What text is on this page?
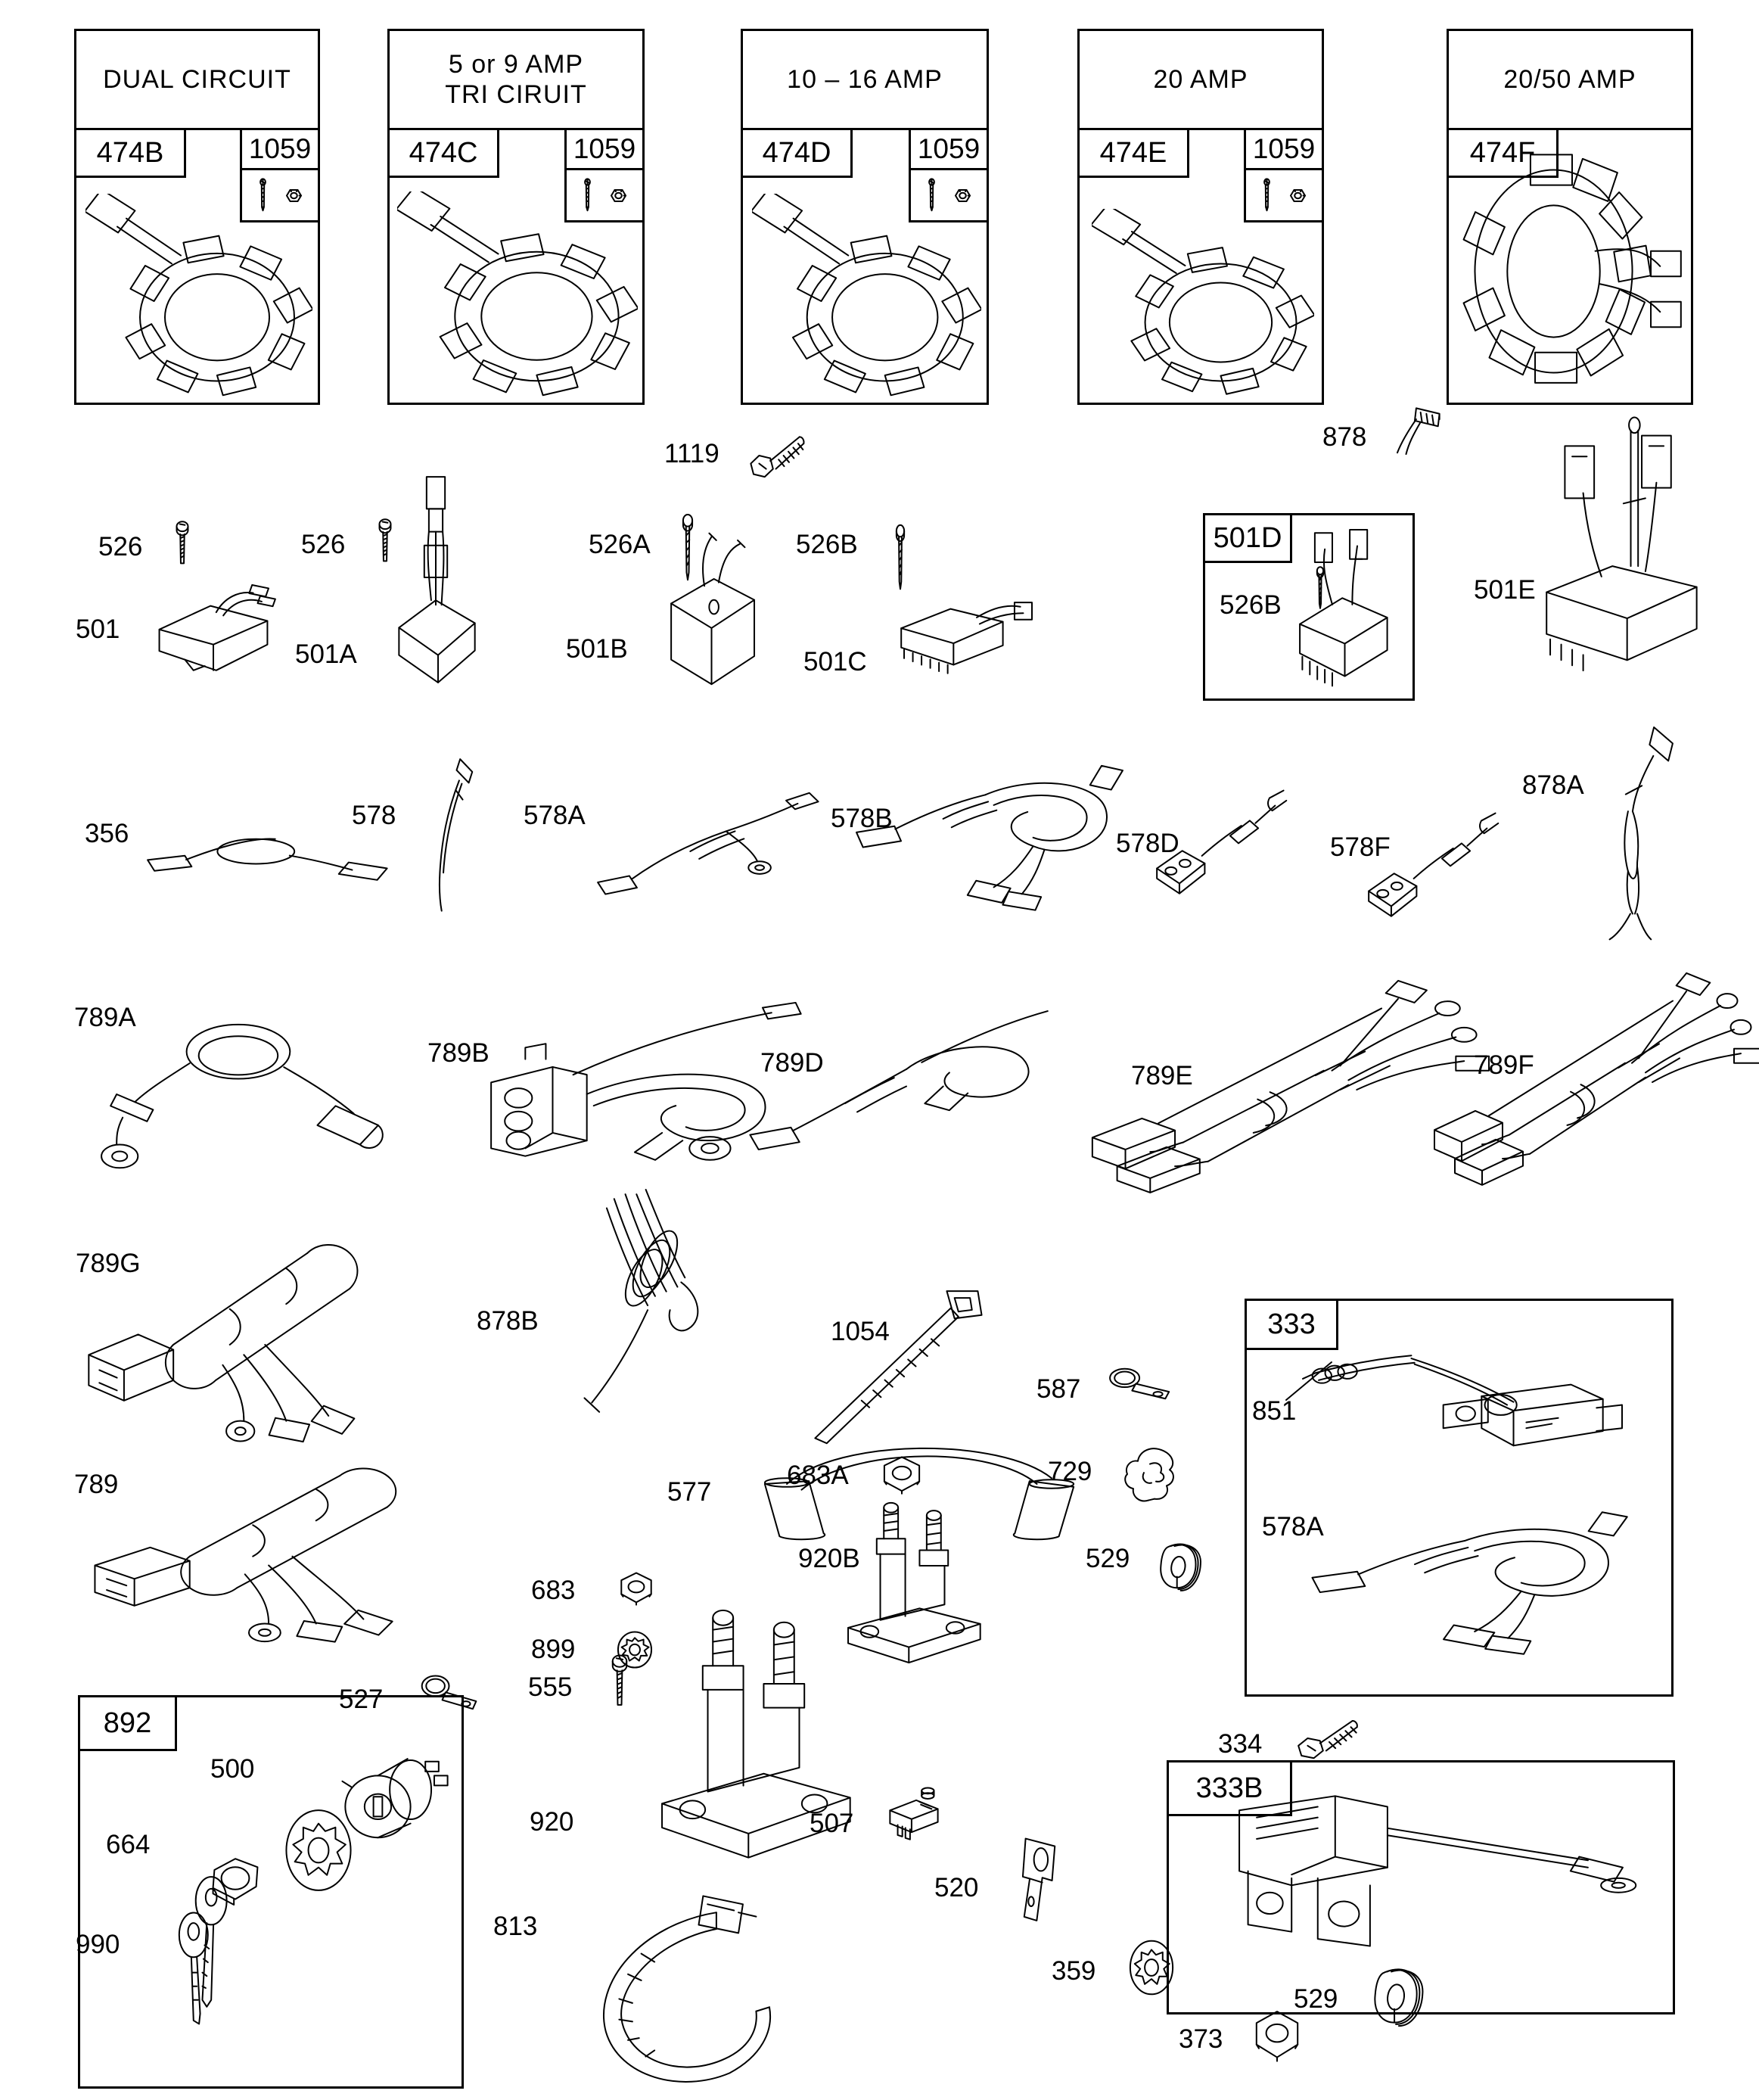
DUAL CIRCUIT
474B	1059
5 or 9 AMP
TRI CIRUIT
474C	1059
10 – 16 AMP
474D	1059
20 AMP
474E	1059
20/50 AMP
474F
501D
333
333B
892
1119
878
526
501
526
501A
526A
501B
526B
501C
526B
501E
356
578	578A	578B
578D	578F
878A
789A
789B	789D	789E	789F
789G
878B	1054
587
683A	729
920B	529
851
578A
789	577
683
899
555
920
527
500
664
990
813
507
334
520
359
373
529
